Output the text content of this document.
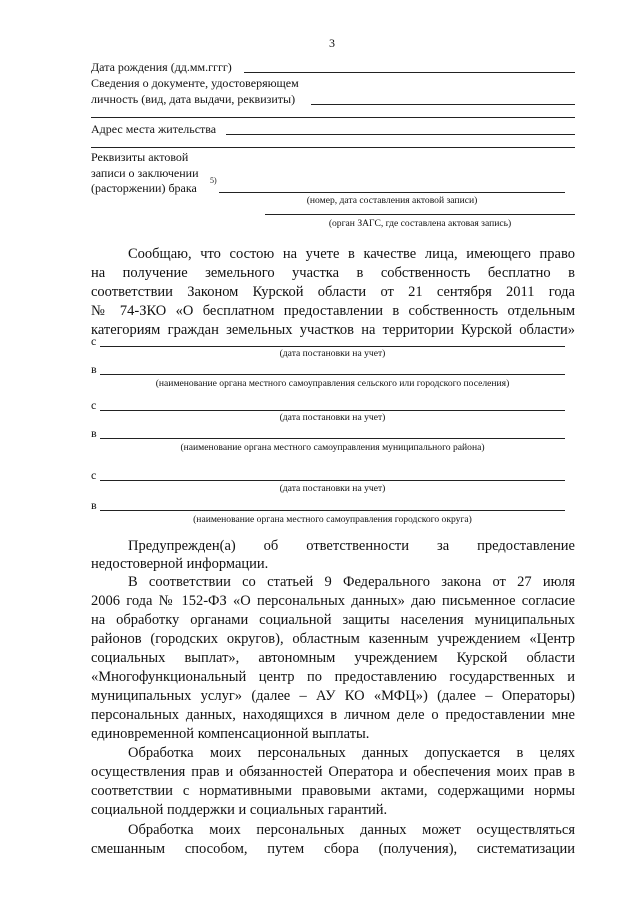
3
Дата рождения (дд.мм.гггг)
Сведения о документе, удостоверяющем
личность (вид, дата выдачи, реквизиты)
Адрес места жительства
Реквизиты актовой
записи о заключении
(расторжении) брака
5)
(номер, дата составления актовой записи)
(орган ЗАГС, где составлена актовая запись)
Сообщаю, что состою на учете в качестве лица, имеющего право
на получение земельного участка в собственность бесплатно в
соответствии Законом Курской области от 21 сентября 2011 года
№ 74-ЗКО «О бесплатном предоставлении в собственность отдельным
категориям граждан земельных участков на территории Курской области»
с
(дата постановки на учет)
в
(наименование органа местного самоуправления сельского или городского поселения)
с
(дата постановки на учет)
в
(наименование органа местного самоуправления муниципального района)
с
(дата постановки на учет)
в
(наименование органа местного самоуправления городского округа)
Предупрежден(а) об ответственности за предоставление
недостоверной информации.
В соответствии со статьей 9 Федерального закона от 27 июля
2006 года № 152-ФЗ «О персональных данных» даю письменное согласие
на обработку органами социальной защиты населения муниципальных
районов (городских округов), областным казенным учреждением «Центр
социальных выплат», автономным учреждением Курской области
«Многофункциональный центр по предоставлению государственных и
муниципальных услуг» (далее – АУ КО «МФЦ») (далее – Операторы)
персональных данных, находящихся в личном деле о предоставлении мне
единовременной компенсационной выплаты.
Обработка моих персональных данных допускается в целях
осуществления прав и обязанностей Оператора и обеспечения моих прав в
соответствии с нормативными правовыми актами, содержащими нормы
социальной поддержки и социальных гарантий.
Обработка моих персональных данных может осуществляться
смешанным способом, путем сбора (получения), систематизации
